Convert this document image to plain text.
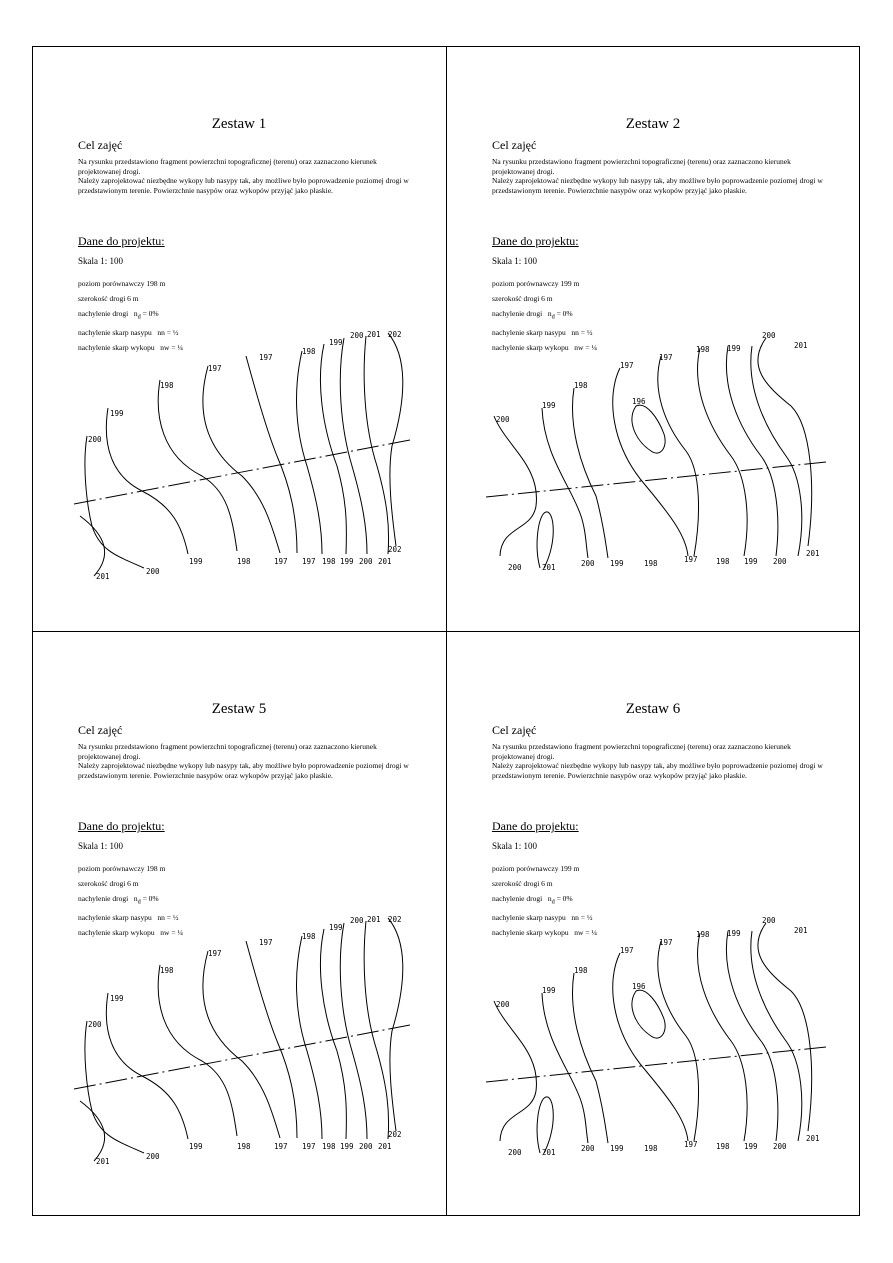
Zestaw 1
Cel zajęć

Na rysunku przedstawiono fragment powierzchni topograficznej (terenu) oraz zaznaczono kierunek projektowanej drogi.

Należy zaprojektować niezbędne wykopy lub nasypy tak, aby możliwe było poprowadzenie poziomej drogi w przedstawionym terenie. Powierzchnie nasypów oraz wykopów przyjąć jako płaskie.

Dane do projektu:
Skala 1: 100
poziom porównawczy 198 m
szerokość drogi 6 m
nachylenie drogi $n_d = 0\%$
nachylenie skarp nasypu nn = ½
nachylenie skarp wykopu nw = ¼
200
199
198
197
197
198
199
200 201 202
201
200
199	198	197 197 198 199 200 201
202
Zestaw 2
Cel zajęć

Na rysunku przedstawiono fragment powierzchni topograficznej (terenu) oraz zaznaczono kierunek projektowanej drogi.

Należy zaprojektować niezbędne wykopy lub nasypy tak, aby możliwe było poprowadzenie poziomej drogi w przedstawionym terenie. Powierzchnie nasypów oraz wykopów przyjąć jako płaskie.

Dane do projektu:
Skala 1: 100
poziom porównawczy 199 m
szerokość drogi 6 m
nachylenie drogi $n_d = 0\%$
nachylenie skarp nasypu nn = ½
nachylenie skarp wykopu nw = ¼
200
199
198
197
196
197
198 199
200
201
200	201	200 199	198	197 198 199 200
201
Zestaw 5
Cel zajęć

Na rysunku przedstawiono fragment powierzchni topograficznej (terenu) oraz zaznaczono kierunek projektowanej drogi.

Należy zaprojektować niezbędne wykopy lub nasypy tak, aby możliwe było poprowadzenie poziomej drogi w przedstawionym terenie. Powierzchnie nasypów oraz wykopów przyjąć jako płaskie.

Dane do projektu:
Skala 1: 100
poziom porównawczy 198 m
szerokość drogi 6 m
nachylenie drogi $n_d = 0\%$
nachylenie skarp nasypu nn = ½
nachylenie skarp wykopu nw = ¼
200
199
198
197
197
198
199
200 201 202
201
200
199	198	197 197 198 199 200 201
202
Zestaw 6
Cel zajęć

Na rysunku przedstawiono fragment powierzchni topograficznej (terenu) oraz zaznaczono kierunek projektowanej drogi.

Należy zaprojektować niezbędne wykopy lub nasypy tak, aby możliwe było poprowadzenie poziomej drogi w przedstawionym terenie. Powierzchnie nasypów oraz wykopów przyjąć jako płaskie.

Dane do projektu:
Skala 1: 100
poziom porównawczy 199 m
szerokość drogi 6 m
nachylenie drogi $n_d = 0\%$
nachylenie skarp nasypu nn = ½
nachylenie skarp wykopu nw = ¼
200
199
198
197
196
197
198 199
200
201
200	201	200 199	198	197 198 199 200
201
